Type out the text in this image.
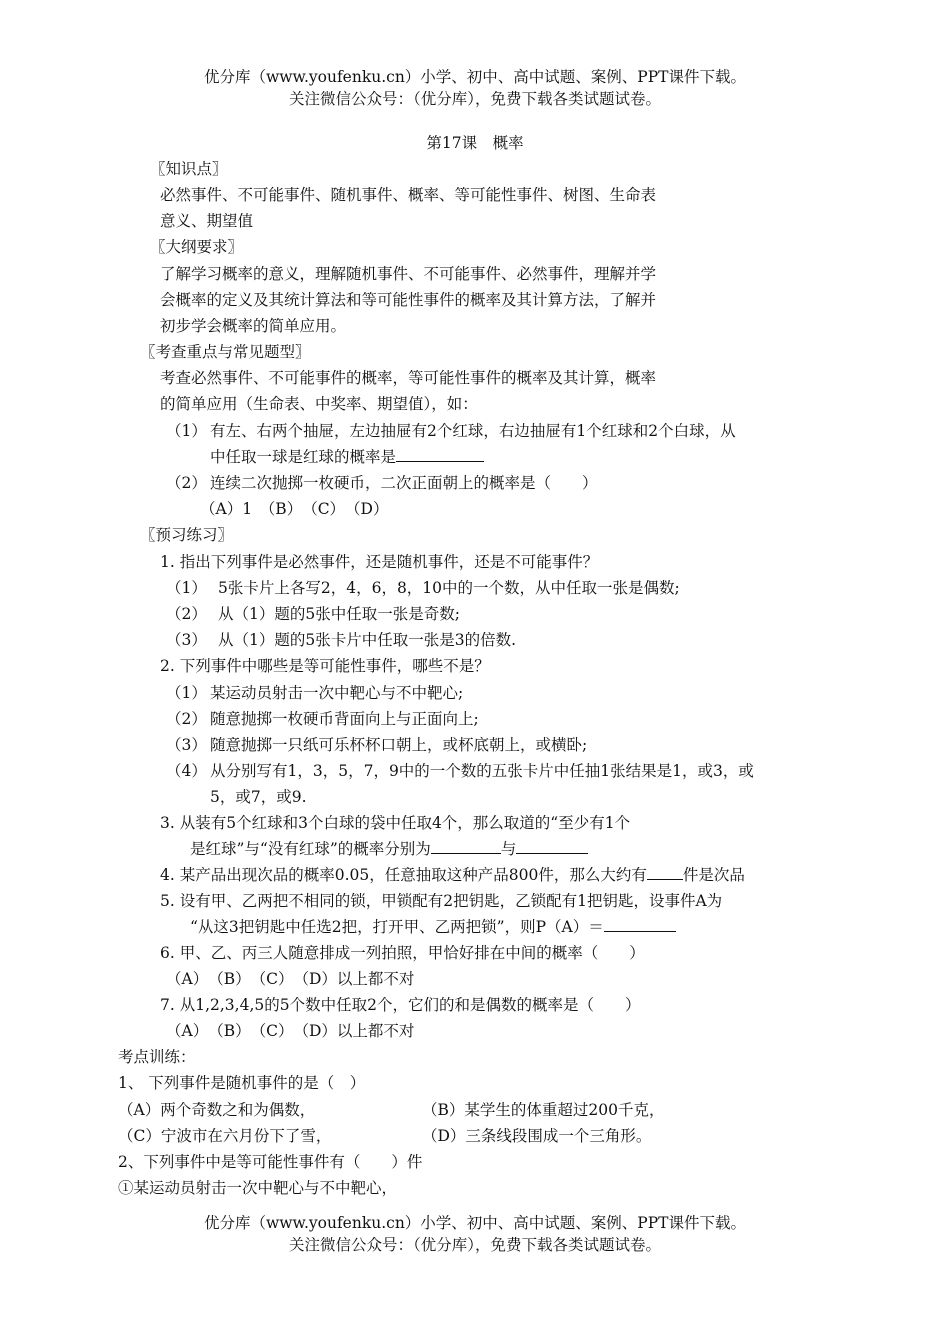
优分库（www.youfenku.cn）小学、初中、高中试题、案例、PPT课件下载。
关注微信公众号：（优分库），免费下载各类试题试卷。
第17课　概率
〖知识点〗
必然事件、不可能事件、随机事件、概率、等可能性事件、树图、生命表
意义、期望值
〖大纲要求〗
了解学习概率的意义，理解随机事件、不可能事件、必然事件，理解并学
会概率的定义及其统计算法和等可能性事件的概率及其计算方法，了解并
初步学会概率的简单应用。
〖考查重点与常见题型〗
考查必然事件、不可能事件的概率，等可能性事件的概率及其计算，概率
的简单应用（生命表、中奖率、期望值），如：
（1） 有左、右两个抽屉，左边抽屉有2个红球，右边抽屉有1个红球和2个白球，从
中任取一球是红球的概率是
（2） 连续二次抛掷一枚硬币，二次正面朝上的概率是（　　）
（A）1　（B）　（C）　（D）
〖预习练习〗
1. 指出下列事件是必然事件，还是随机事件，还是不可能事件？
（1） 5张卡片上各写2，4，6，8，10中的一个数，从中任取一张是偶数;
（2） 从（1）题的5张中任取一张是奇数;
（3） 从（1）题的5张卡片中任取一张是3的倍数.
2. 下列事件中哪些是等可能性事件，哪些不是？
（1） 某运动员射击一次中靶心与不中靶心;
（2） 随意抛掷一枚硬币背面向上与正面向上;
（3） 随意抛掷一只纸可乐杯杯口朝上，或杯底朝上，或横卧;
（4） 从分别写有1，3，5，7，9中的一个数的五张卡片中任抽1张结果是1，或3，或
5，或7，或9.
3. 从装有5个红球和3个白球的袋中任取4个，那么取道的“至少有1个
是红球”与“没有红球”的概率分别为	与
4. 某产品出现次品的概率0.05，任意抽取这种产品800件，那么大约有 件是次品
5. 设有甲、乙两把不相同的锁，甲锁配有2把钥匙，乙锁配有1把钥匙，设事件A为
“从这3把钥匙中任选2把，打开甲、乙两把锁”，则P（A）＝
6. 甲、乙、丙三人随意排成一列拍照，甲恰好排在中间的概率（　　）
（A）　（B）　（C）　（D）以上都不对
7. 从1,2,3,4,5的5个数中任取2个，它们的和是偶数的概率是（　　）
（A）　（B）　（C）　（D）以上都不对
考点训练：
1、 下列事件是随机事件的是（　）
（A）两个奇数之和为偶数，	（B）某学生的体重超过200千克，
（C）宁波市在六月份下了雪，	（D）三条线段围成一个三角形。
2、下列事件中是等可能性事件有（　　）件
①某运动员射击一次中靶心与不中靶心，
优分库（www.youfenku.cn）小学、初中、高中试题、案例、PPT课件下载。
关注微信公众号：（优分库），免费下载各类试题试卷。
